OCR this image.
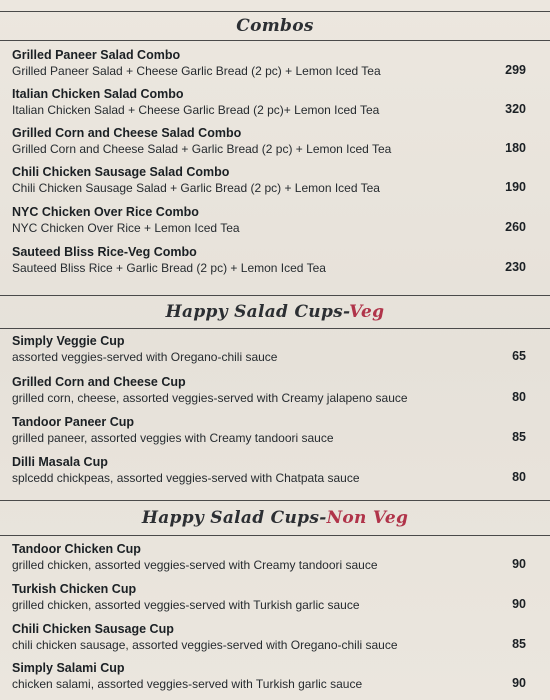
Combos
Grilled Paneer Salad Combo
Grilled Paneer Salad + Cheese Garlic Bread (2 pc) + Lemon Iced Tea	299
Italian Chicken Salad Combo
Italian Chicken Salad + Cheese Garlic Bread (2 pc)+ Lemon Iced Tea	320
Grilled Corn and Cheese Salad Combo
Grilled Corn and Cheese Salad + Garlic Bread (2 pc) + Lemon Iced Tea	180
Chili Chicken Sausage Salad Combo
Chili Chicken Sausage Salad + Garlic Bread (2 pc) + Lemon Iced Tea	190
NYC Chicken Over Rice Combo
NYC Chicken Over Rice + Lemon Iced Tea	260
Sauteed Bliss Rice-Veg Combo
Sauteed Bliss Rice + Garlic Bread (2 pc) + Lemon Iced Tea	230
Happy Salad Cups-Veg
Simply Veggie Cup
assorted veggies-served with Oregano-chili sauce	65
Grilled Corn and Cheese Cup
grilled corn, cheese, assorted veggies-served with Creamy jalapeno sauce	80
Tandoor Paneer Cup
grilled paneer, assorted veggies with Creamy tandoori sauce	85
Dilli Masala Cup
splcedd chickpeas, assorted veggies-served with Chatpata sauce	80
Happy Salad Cups-Non Veg
Tandoor Chicken Cup
grilled chicken, assorted veggies-served with Creamy tandoori sauce	90
Turkish Chicken Cup
grilled chicken, assorted veggies-served with Turkish garlic sauce	90
Chili Chicken Sausage Cup
chili chicken sausage, assorted veggies-served with Oregano-chili sauce	85
Simply Salami Cup
chicken salami, assorted veggies-served with Turkish garlic sauce	90
